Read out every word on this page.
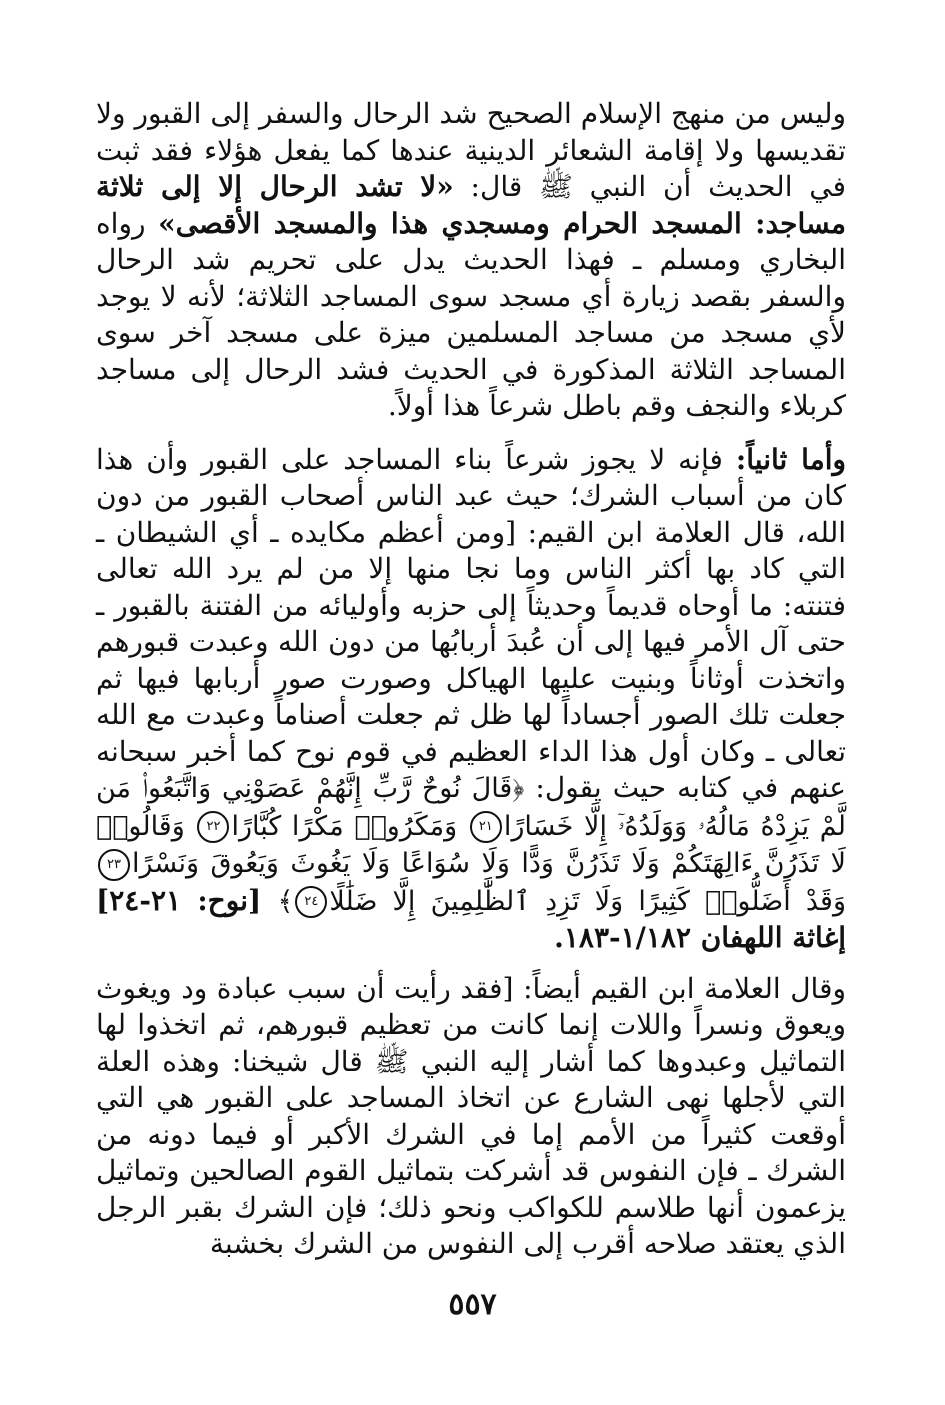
وليس من منهج الإسلام الصحيح شد الرحال والسفر إلى القبور ولا تقديسها ولا إقامة الشعائر الدينية عندها كما يفعل هؤلاء فقد ثبت في الحديث أن النبي ﷺ قال: «لا تشد الرحال إلا إلى ثلاثة مساجد: المسجد الحرام ومسجدي هذا والمسجد الأقصى» رواه البخاري ومسلم ـ فهذا الحديث يدل على تحريم شد الرحال والسفر بقصد زيارة أي مسجد سوى المساجد الثلاثة؛ لأنه لا يوجد لأي مسجد من مساجد المسلمين ميزة على مسجد آخر سوى المساجد الثلاثة المذكورة في الحديث فشد الرحال إلى مساجد كربلاء والنجف وقم باطل شرعاً هذا أولاً.

وأما ثانياً: فإنه لا يجوز شرعاً بناء المساجد على القبور وأن هذا كان من أسباب الشرك؛ حيث عبد الناس أصحاب القبور من دون الله، قال العلامة ابن القيم: [ومن أعظم مكايده ـ أي الشيطان ـ التي كاد بها أكثر الناس وما نجا منها إلا من لم يرد الله تعالى فتنته: ما أوحاه قديماً وحديثاً إلى حزبه وأوليائه من الفتنة بالقبور ـ حتى آل الأمر فيها إلى أن عُبدَ أربابُها من دون الله وعبدت قبورهم واتخذت أوثاناً وبنيت عليها الهياكل وصورت صور أربابها فيها ثم جعلت تلك الصور أجساداً لها ظل ثم جعلت أصناماً وعبدت مع الله تعالى ـ وكان أول هذا الداء العظيم في قوم نوح كما أخبر سبحانه عنهم في كتابه حيث يقول: ﴿قَالَ نُوحٌ رَّبِّ إِنَّهُمْ عَصَوْنِي وَاتَّبَعُوا۟ مَن لَّمْ يَزِدْهُ مَالُهُۥ وَوَلَدُهُۥٓ إِلَّا خَسَارًا٢١ وَمَكَرُوا۟ مَكْرًا كُبَّارًا٢٢ وَقَالُوا۟ لَا تَذَرُنَّ ءَالِهَتَكُمْ وَلَا تَذَرُنَّ وَدًّا وَلَا سُوَاعًا وَلَا يَغُوثَ وَيَعُوقَ وَنَسْرًا٢٣ وَقَدْ أَضَلُّوا۟ كَثِيرًا وَلَا تَزِدِ ٱلظَّٰلِمِينَ إِلَّا ضَلَٰلًا٢٤﴾ [نوح: ٢١-٢٤] إغاثة اللهفان ١/١٨٢-١٨٣.

وقال العلامة ابن القيم أيضاً: [فقد رأيت أن سبب عبادة ود ويغوث ويعوق ونسراً واللات إنما كانت من تعظيم قبورهم، ثم اتخذوا لها التماثيل وعبدوها كما أشار إليه النبي ﷺ قال شيخنا: وهذه العلة التي لأجلها نهى الشارع عن اتخاذ المساجد على القبور هي التي أوقعت كثيراً من الأمم إما في الشرك الأكبر أو فيما دونه من الشرك ـ فإن النفوس قد أشركت بتماثيل القوم الصالحين وتماثيل يزعمون أنها طلاسم للكواكب ونحو ذلك؛ فإن الشرك بقبر الرجل الذي يعتقد صلاحه أقرب إلى النفوس من الشرك بخشبة

٥٥٧
